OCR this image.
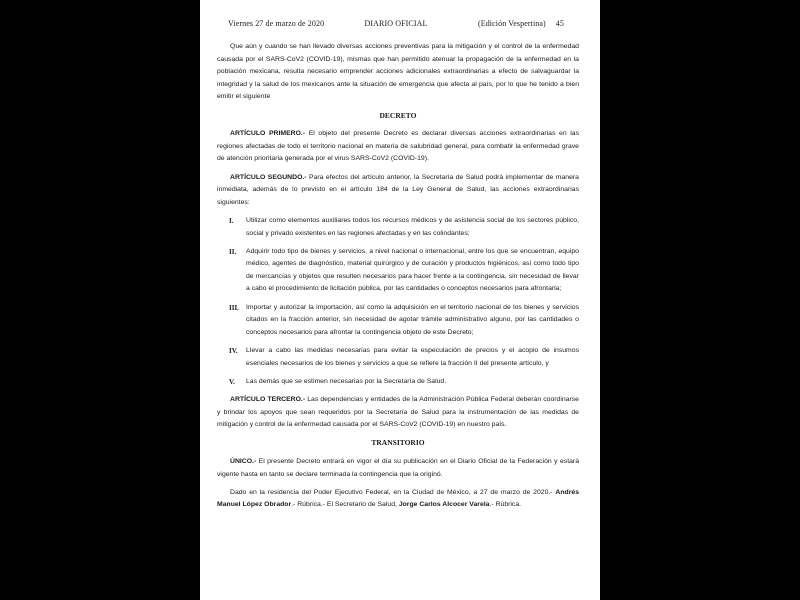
Viernes 27 de marzo de 2020	DIARIO OFICIAL	(Edición Vespertina) 45

Que aún y cuando se han llevado diversas acciones preventivas para la mitigación y el control de la enfermedad causada por el SARS-CoV2 (COVID-19), mismas que han permitido atenuar la propagación de la enfermedad en la población mexicana, resulta necesario emprender acciones adicionales extraordinarias a efecto de salvaguardar la integridad y la salud de los mexicanos ante la situación de emergencia que afecta al país, por lo que he tenido a bien emitir el siguiente

DECRETO

ARTÍCULO PRIMERO.- El objeto del presente Decreto es declarar diversas acciones extraordinarias en las regiones afectadas de todo el territorio nacional en materia de salubridad general, para combatir la enfermedad grave de atención prioritaria generada por el virus SARS-CoV2 (COVID-19).

ARTÍCULO SEGUNDO.- Para efectos del artículo anterior, la Secretaría de Salud podrá implementar de manera inmediata, además de lo previsto en el artículo 184 de la Ley General de Salud, las acciones extraordinarias siguientes:

I. Utilizar como elementos auxiliares todos los recursos médicos y de asistencia social de los sectores público, social y privado existentes en las regiones afectadas y en las colindantes;

II. Adquirir todo tipo de bienes y servicios, a nivel nacional o internacional, entre los que se encuentran, equipo médico, agentes de diagnóstico, material quirúrgico y de curación y productos higiénicos, así como todo tipo de mercancías y objetos que resulten necesarios para hacer frente a la contingencia, sin necesidad de llevar a cabo el procedimiento de licitación pública, por las cantidades o conceptos necesarios para afrontarla;

III. Importar y autorizar la importación, así como la adquisición en el territorio nacional de los bienes y servicios citados en la fracción anterior, sin necesidad de agotar trámite administrativo alguno, por las cantidades o conceptos necesarios para afrontar la contingencia objeto de este Decreto;

IV. Llevar a cabo las medidas necesarias para evitar la especulación de precios y el acopio de insumos esenciales necesarios de los bienes y servicios a que se refiere la fracción II del presente artículo, y

V. Las demás que se estimen necesarias por la Secretaría de Salud.

ARTÍCULO TERCERO.- Las dependencias y entidades de la Administración Pública Federal deberán coordinarse y brindar los apoyos que sean requeridos por la Secretaría de Salud para la instrumentación de las medidas de mitigación y control de la enfermedad causada por el SARS-CoV2 (COVID-19) en nuestro país.

TRANSITORIO

ÚNICO.- El presente Decreto entrará en vigor el día su publicación en el Diario Oficial de la Federación y estará vigente hasta en tanto se declare terminada la contingencia que la originó.

Dado en la residencia del Poder Ejecutivo Federal, en la Ciudad de México, a 27 de marzo de 2020.- Andrés Manuel López Obrador.- Rúbrica.- El Secretario de Salud, Jorge Carlos Alcocer Varela.- Rúbrica.
